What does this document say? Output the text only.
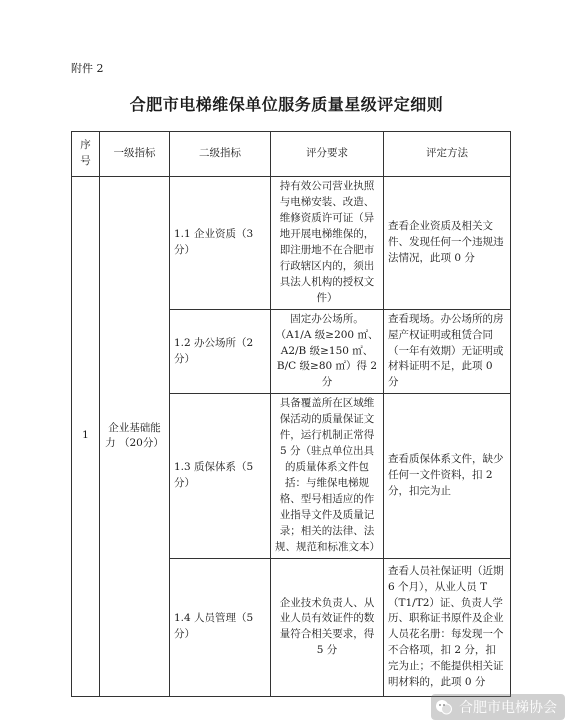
附件 2
合肥市电梯维保单位服务质量星级评定细则
序号	一级指标	二级指标	评分要求	评定方法
1	企业基础能力 （20分）	1.1 企业资质（3 分）	持有效公司营业执照与电梯安装、改造、维修资质许可证（异地开展电梯维保的，即注册地不在合肥市行政辖区内的，须出具法人机构的授权文件）	查看企业资质及相关文件、发现任何一个违规违法情况，此项 0 分
		1.2 办公场所（2 分）	固定办公场所。（A1/A 级≥200 ㎡、A2/B 级≥150 ㎡、B/C 级≥80 ㎡）得 2 分	查看现场。办公场所的房屋产权证明或租赁合同（一年有效期）无证明或材料证明不足，此项 0 分
		1.3 质保体系（5 分）	具备覆盖所在区域维保活动的质量保证文件，运行机制正常得 5 分（驻点单位出具的质量体系文件包括：与维保电梯规格、型号相适应的作业指导文件及质量记录；相关的法律、法规、规范和标准文本）	查看质保体系文件，缺少任何一文件资料，扣 2 分，扣完为止
		1.4 人员管理（5 分）	企业技术负责人、从业人员有效证件的数量符合相关要求，得 5 分	查看人员社保证明（近期 6 个月），从业人员 T（T1/T2）证、负责人学历、职称证书原件及企业人员花名册：每发现一个不合格项，扣 2 分，扣完为止；不能提供相关证明材料的，此项 0 分
合肥市电梯协会
